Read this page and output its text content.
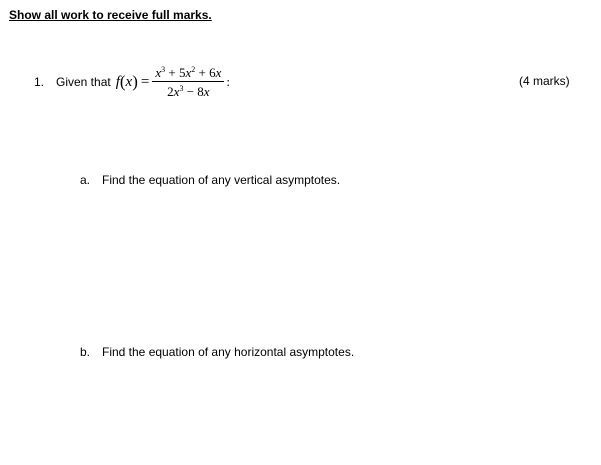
Show all work to receive full marks.
1. Given that f ( x ) = $\frac{x^3 + 5x^2 + 6x}{2x^3 - 8x}$ :	(4 marks)
a. Find the equation of any vertical asymptotes.
b. Find the equation of any horizontal asymptotes.
